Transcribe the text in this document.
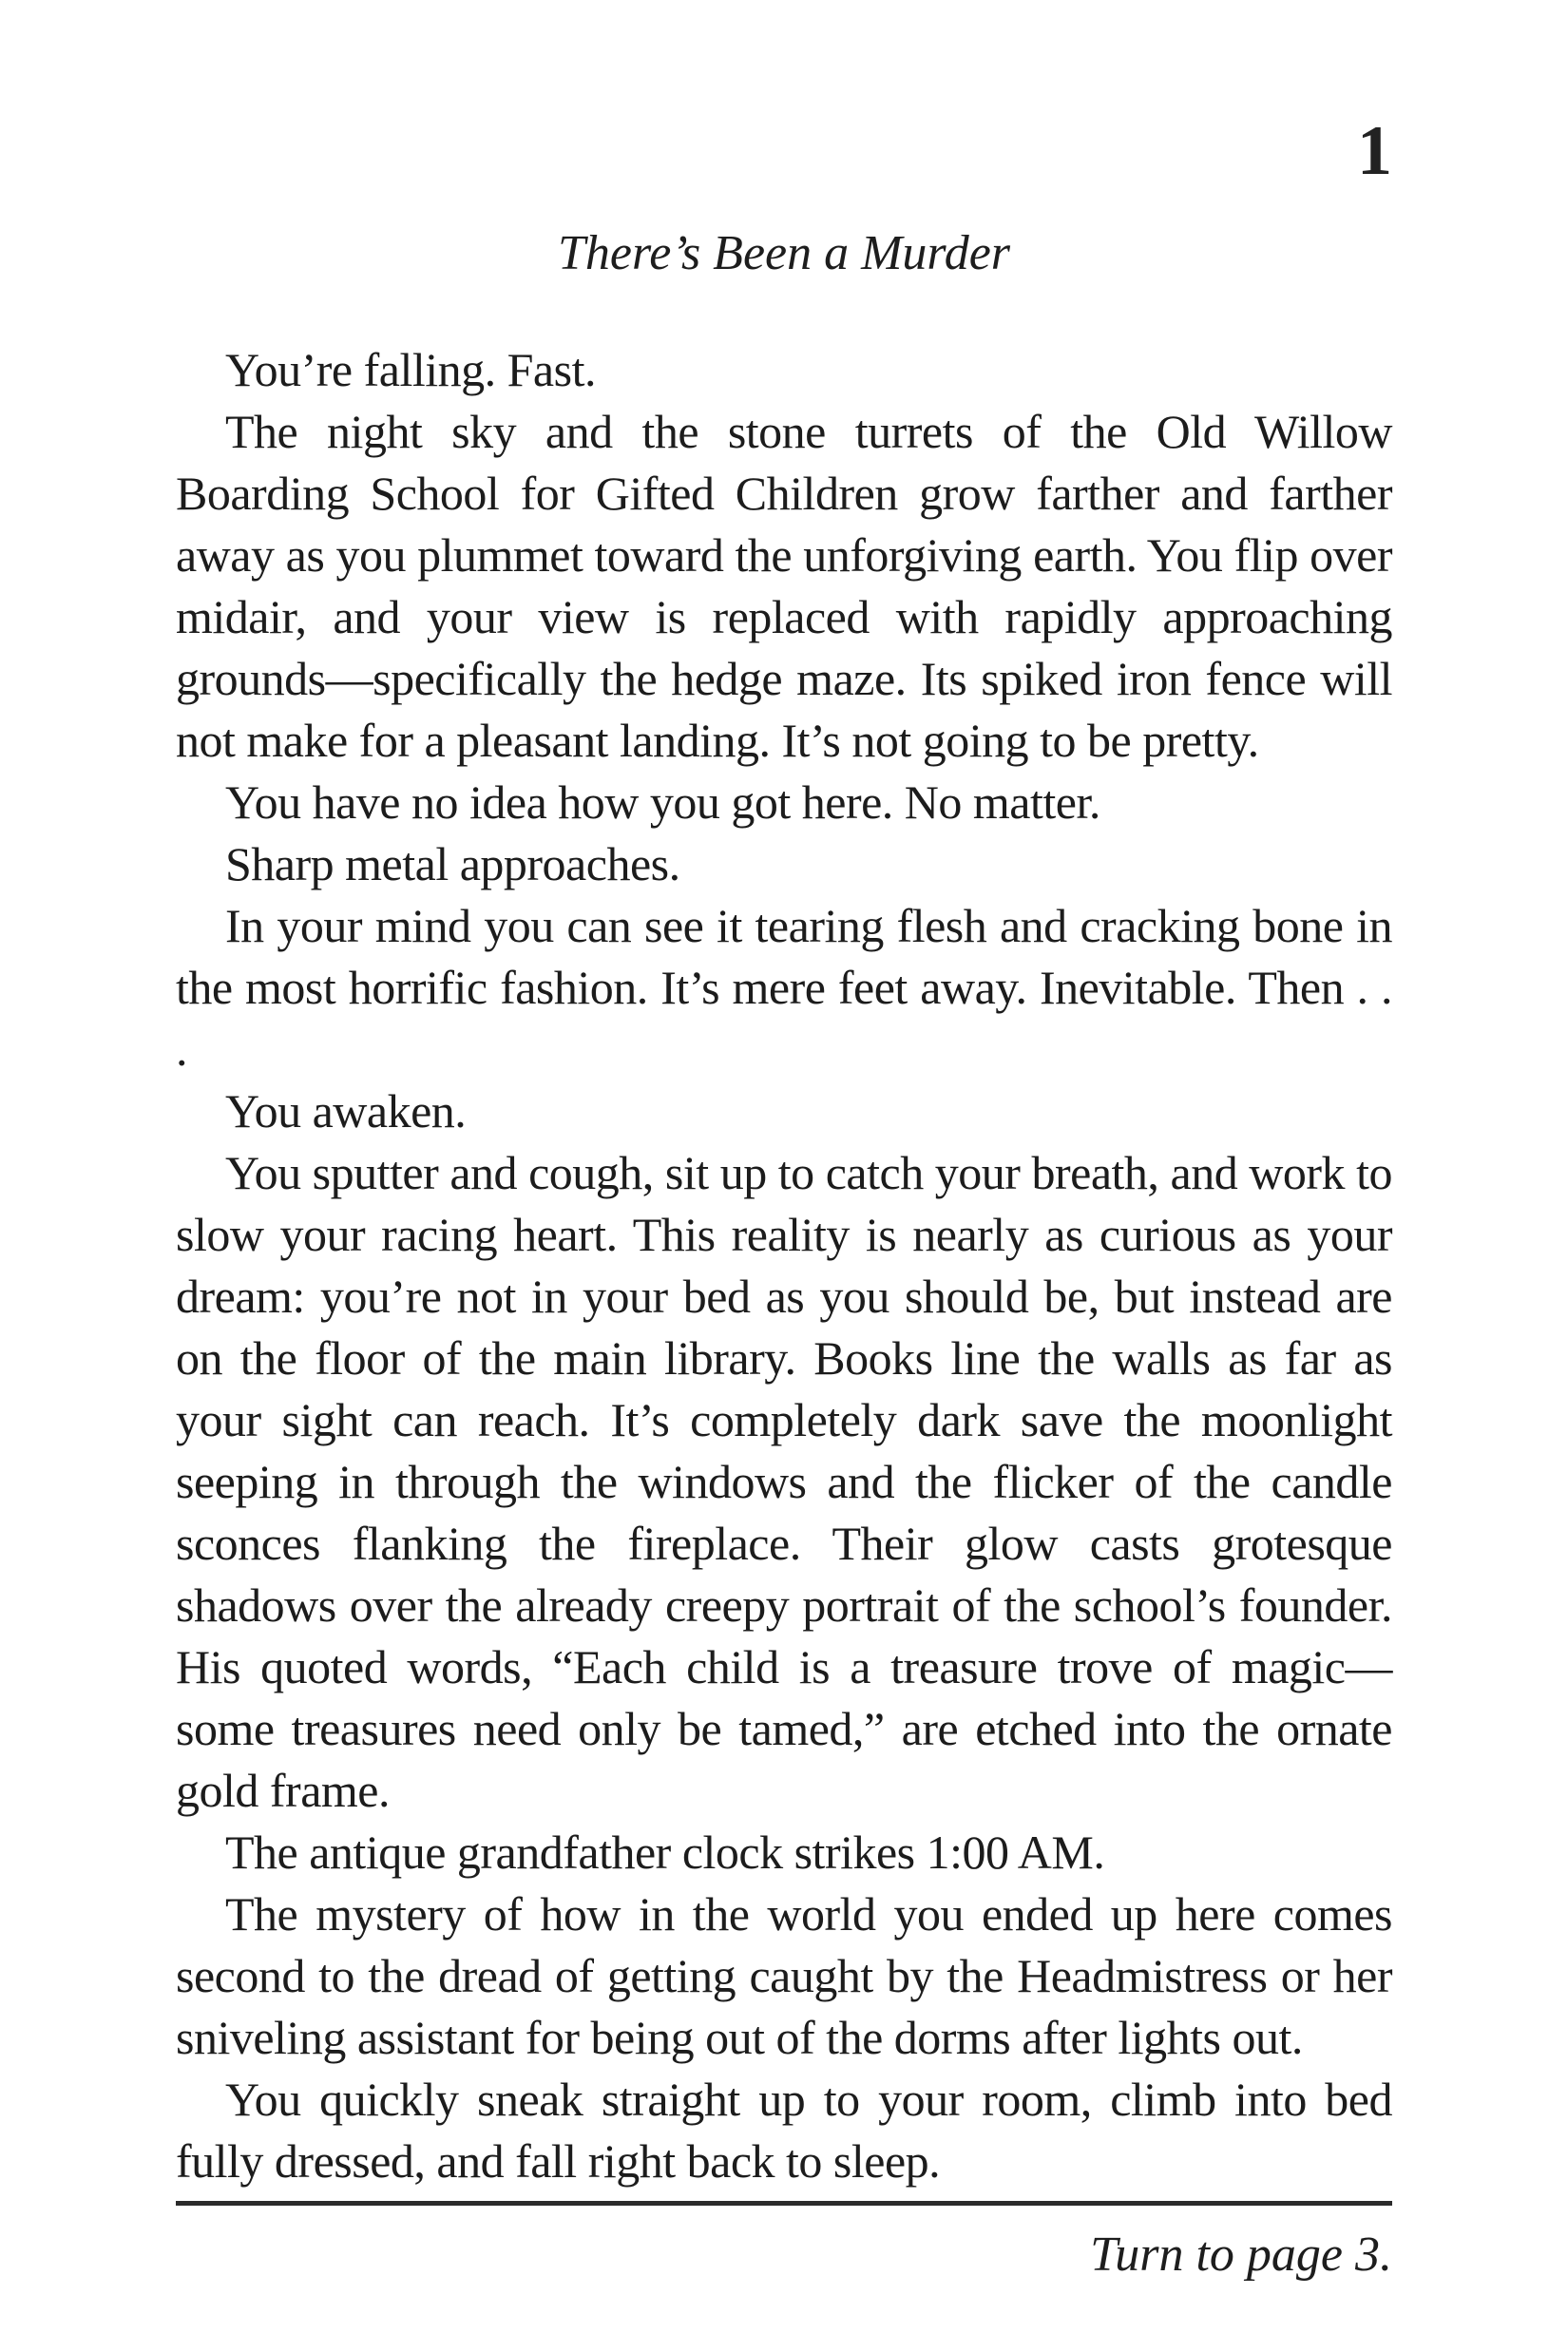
1
There’s Been a Murder

You’re falling. Fast.

The night sky and the stone turrets of the Old Willow Boarding School for Gifted Children grow farther and farther away as you plummet toward the unforgiving earth. You flip over midair, and your view is replaced with rapidly approaching grounds—specifically the hedge maze. Its spiked iron fence will not make for a pleasant landing. It’s not going to be pretty.

You have no idea how you got here. No matter.

Sharp metal approaches.

In your mind you can see it tearing flesh and cracking bone in the most horrific fashion. It’s mere feet away. Inevitable. Then . . .

You awaken.

You sputter and cough, sit up to catch your breath, and work to slow your racing heart. This reality is nearly as curious as your dream: you’re not in your bed as you should be, but instead are on the floor of the main library. Books line the walls as far as your sight can reach. It’s completely dark save the moonlight seeping in through the windows and the flicker of the candle sconces flanking the fireplace. Their glow casts grotesque shadows over the already creepy portrait of the school’s founder. His quoted words, “Each child is a treasure trove of magic—some treasures need only be tamed,” are etched into the ornate gold frame.

The antique grandfather clock strikes 1:00 AM.

The mystery of how in the world you ended up here comes second to the dread of getting caught by the Headmistress or her sniveling assistant for being out of the dorms after lights out.

You quickly sneak straight up to your room, climb into bed fully dressed, and fall right back to sleep.

Turn to page 3.
